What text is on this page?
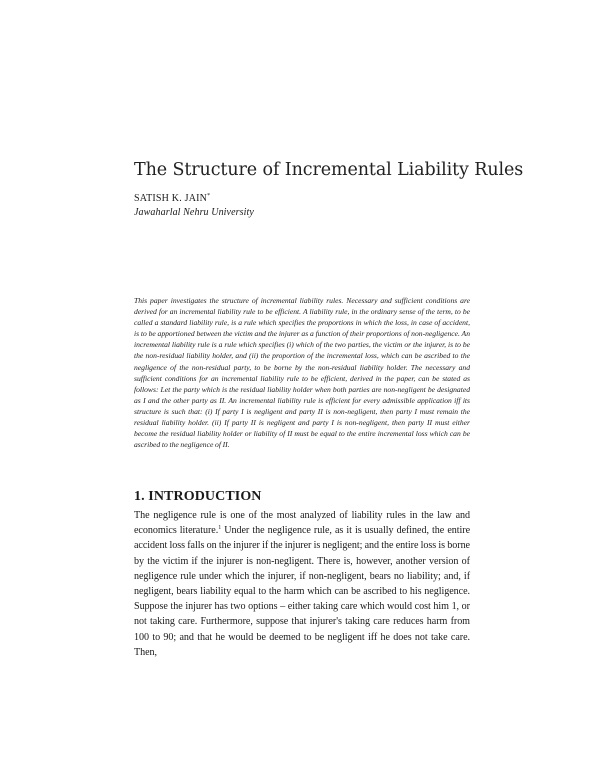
The Structure of Incremental Liability Rules
SATISH K. JAIN*
Jawaharlal Nehru University

This paper investigates the structure of incremental liability rules. Necessary and sufficient conditions are derived for an incremental liability rule to be efficient. A liability rule, in the ordinary sense of the term, to be called a standard liability rule, is a rule which specifies the proportions in which the loss, in case of accident, is to be apportioned between the victim and the injurer as a function of their proportions of non-negligence. An incremental liability rule is a rule which specifies (i) which of the two parties, the victim or the injurer, is to be the non-residual liability holder, and (ii) the proportion of the incremental loss, which can be ascribed to the negligence of the non-residual party, to be borne by the non-residual liability holder. The necessary and sufficient conditions for an incremental liability rule to be efficient, derived in the paper, can be stated as follows: Let the party which is the residual liability holder when both parties are non-negligent be designated as I and the other party as II. An incremental liability rule is efficient for every admissible application iff its structure is such that: (i) If party I is negligent and party II is non-negligent, then party I must remain the residual liability holder. (ii) If party II is negligent and party I is non-negligent, then party II must either become the residual liability holder or liability of II must be equal to the entire incremental loss which can be ascribed to the negligence of II.

1. INTRODUCTION

The negligence rule is one of the most analyzed of liability rules in the law and economics literature.$^1$ Under the negligence rule, as it is usually defined, the entire accident loss falls on the injurer if the injurer is negligent; and the entire loss is borne by the victim if the injurer is non-negligent. There is, however, another version of negligence rule under which the injurer, if non-negligent, bears no liability; and, if negligent, bears liability equal to the harm which can be ascribed to his negligence. Suppose the injurer has two options – either taking care which would cost him 1, or not taking care. Furthermore, suppose that injurer's taking care reduces harm from 100 to 90; and that he would be deemed to be negligent iff he does not take care. Then,
